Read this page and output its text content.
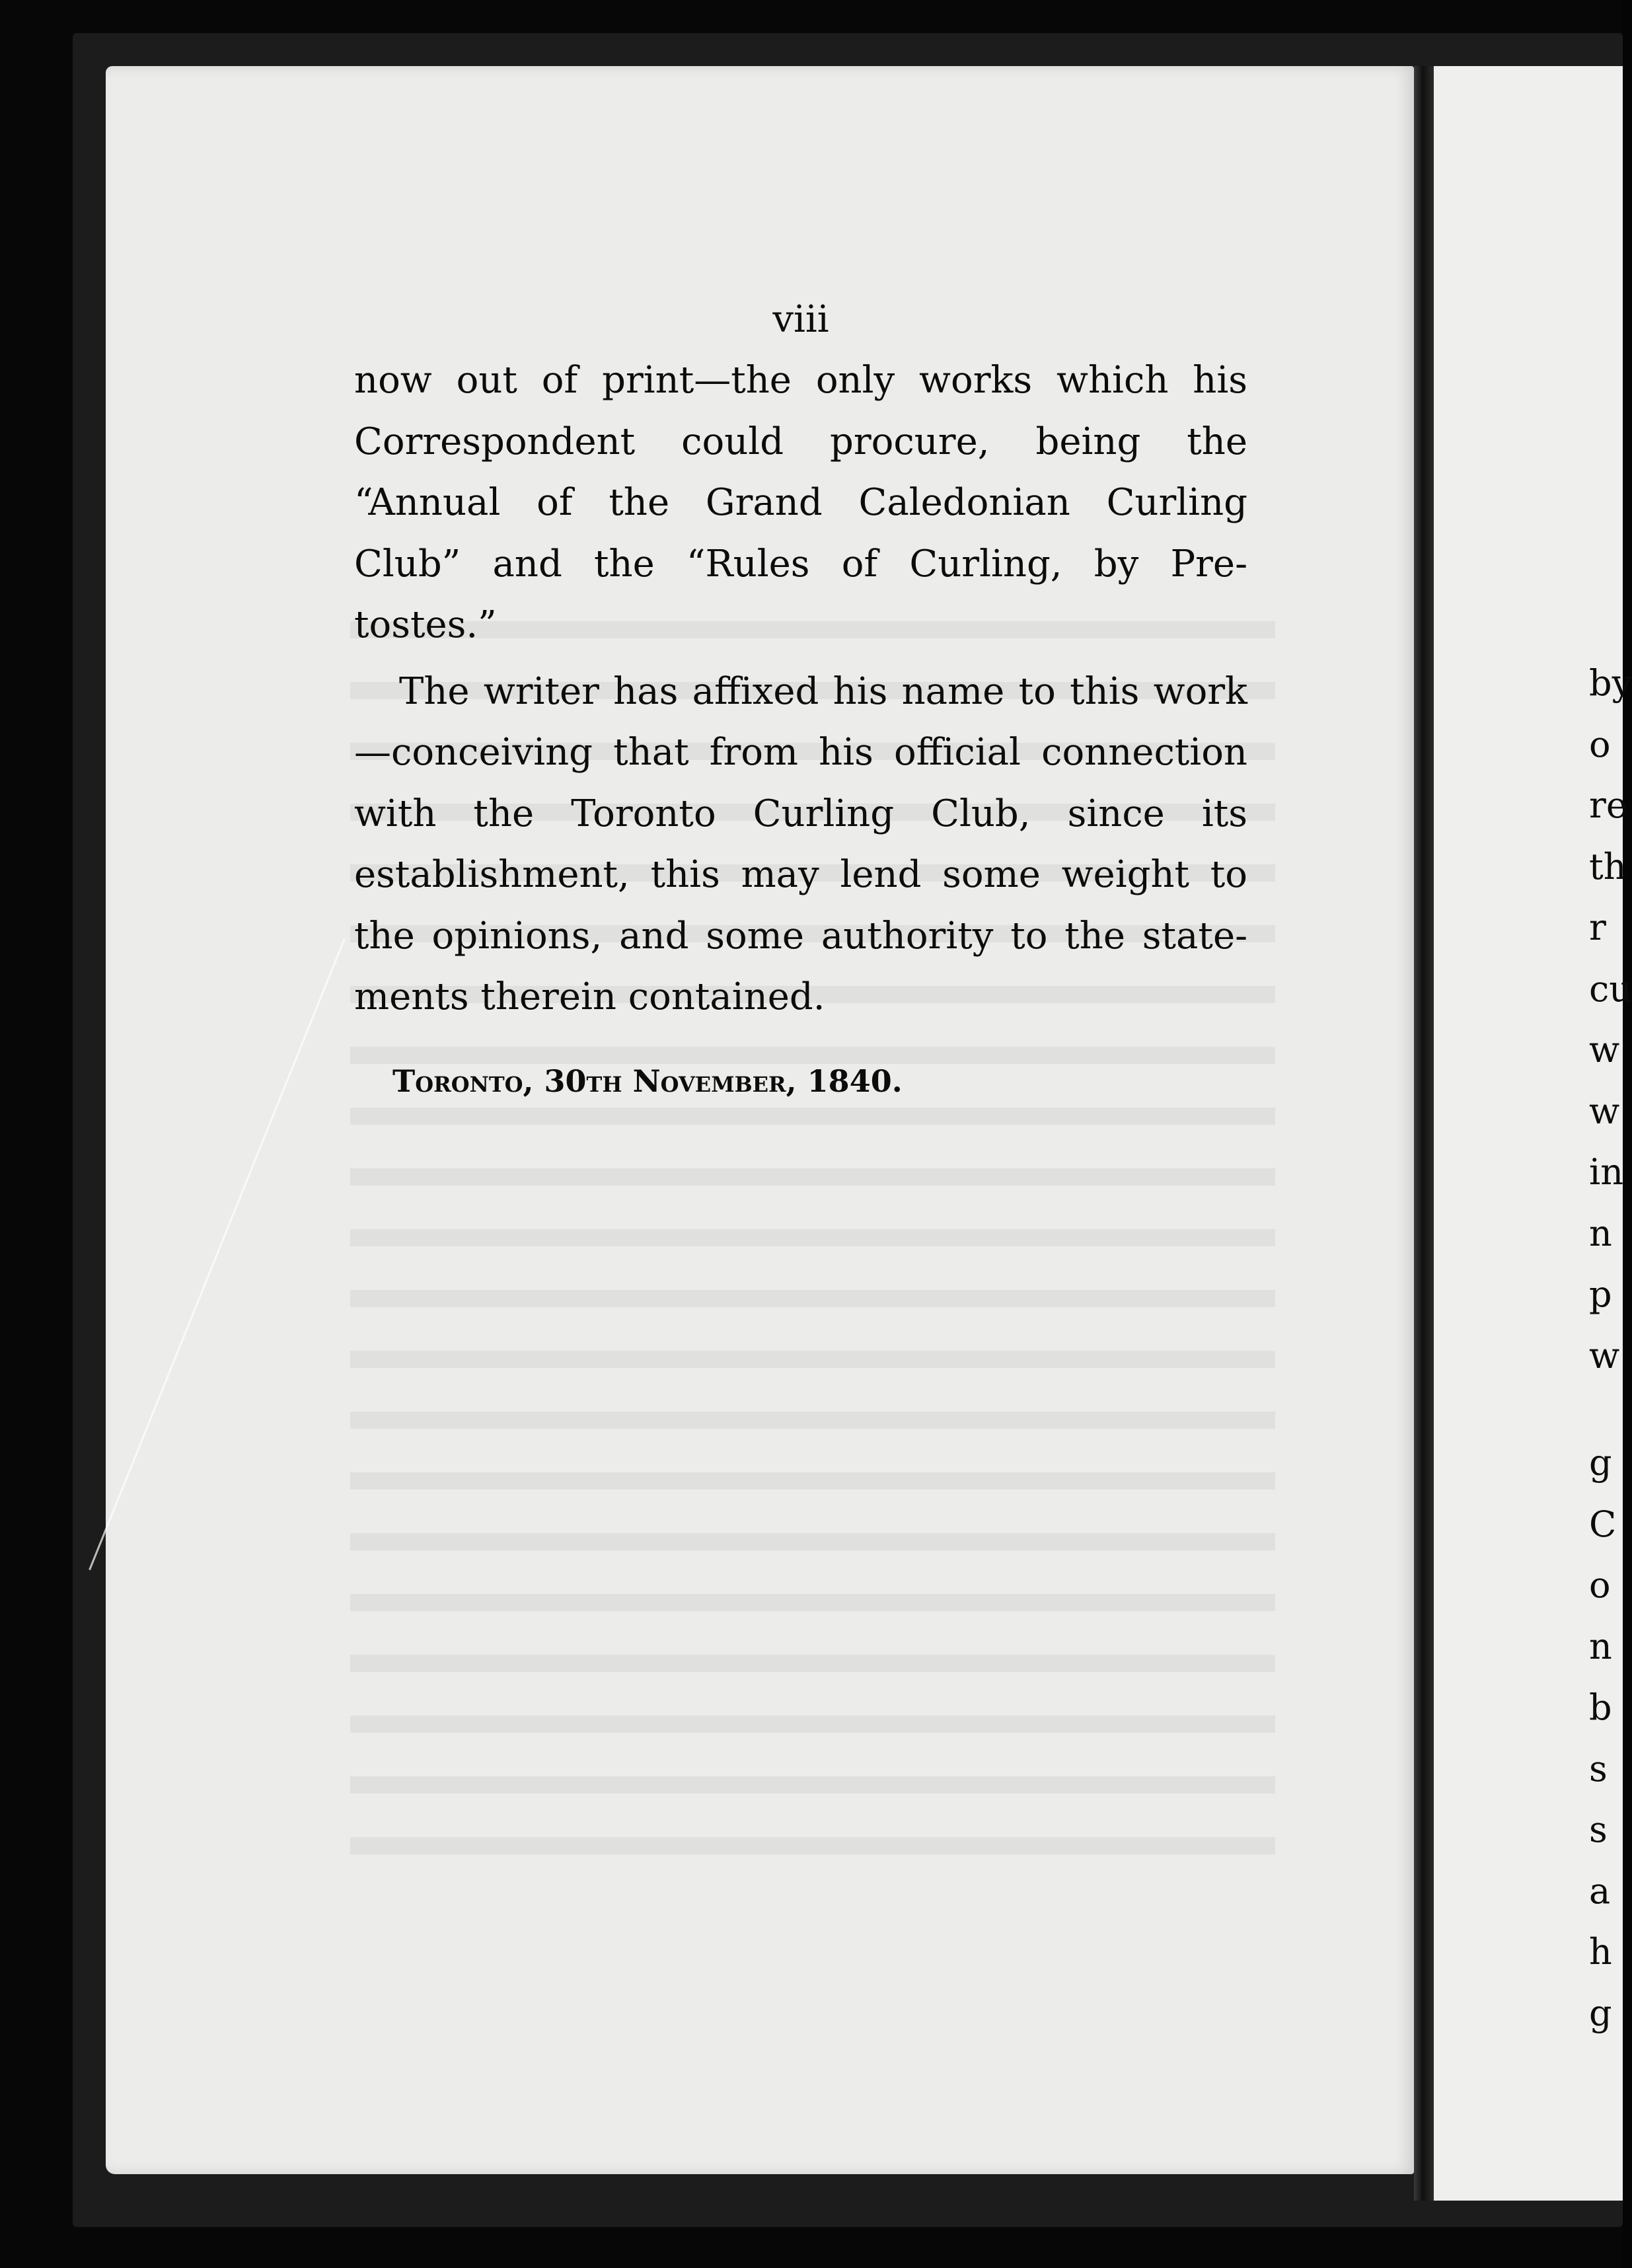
viii
now out of print—the only works which his
Correspondent could procure, being the
“Annual of the Grand Caledonian Curling
Club” and the “Rules of Curling, by Pre-
tostes.”
The writer has affixed his name to this work
—conceiving that from his official connection
with the Toronto Curling Club, since its
establishment, this may lend some weight to
the opinions, and some authority to the state-
ments therein contained.
Toronto, 30th November, 1840.
by
o
re
th
r
cu
w
w
in
n
p
w
g
C
o
n
b
s
s
a
h
g
